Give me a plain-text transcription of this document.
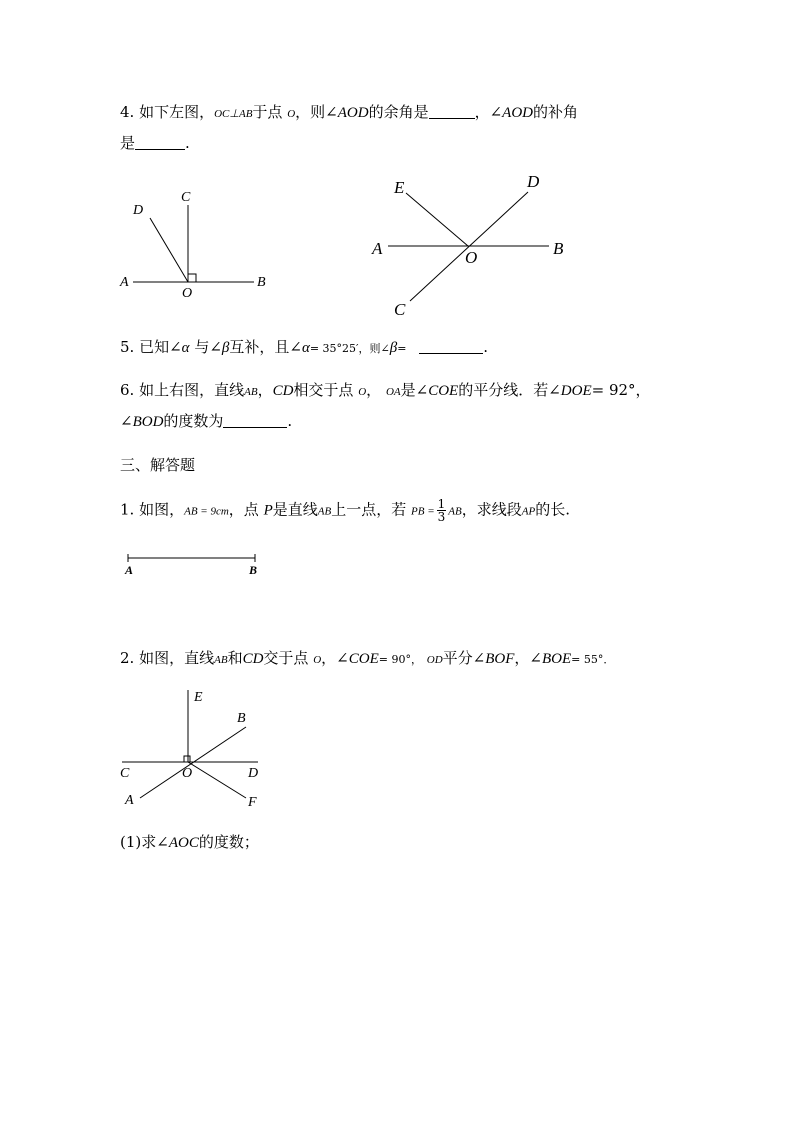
4. 如下左图，OC⊥AB于点 O，则∠AOD的余角是	，∠AOD的补角
是	.
D
C
A
O
B
E	D
A	O	B
C
A	B
E
B
C	O	D
A	F
5. 已知∠α 与∠β互补，且∠α= 35°25′，则∠β=	.
6. 如上右图，直线AB，CD相交于点 O， OA是∠COE的平分线．若∠DOE= 92°，
∠BOD的度数为	.
三、解答题
1. 如图，AB = 9cm，点 P是直线AB上一点，若 PB = $\frac{1}{3}$ AB，求线段AP的长.
2. 如图，直线AB和CD交于点 O，∠COE= 90°， OD平分∠BOF，∠BOE= 55°．
(1)求∠AOC的度数；
